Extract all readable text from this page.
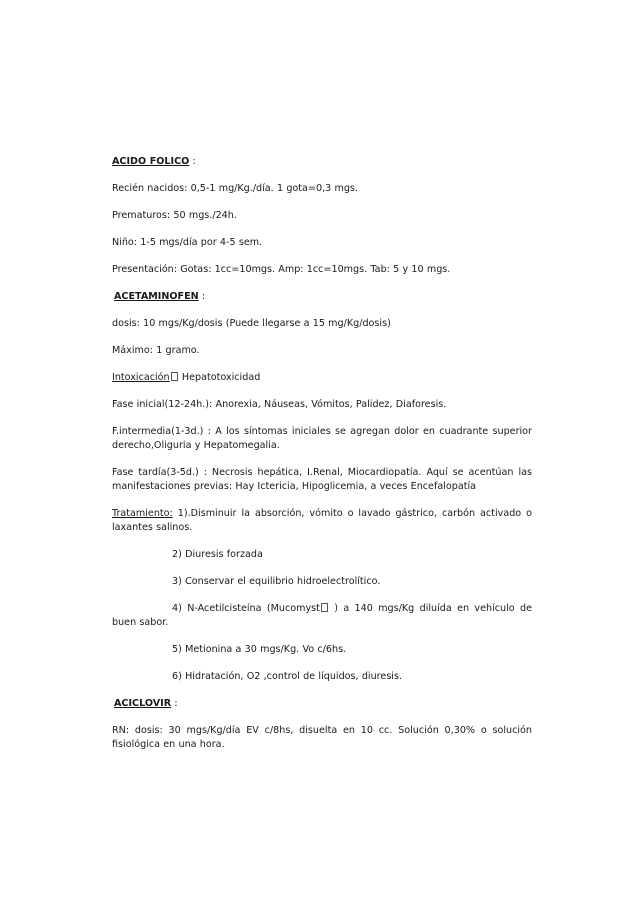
ACIDO FOLICO :

Recién nacidos: 0,5-1 mg/Kg./día. 1 gota=0,3 mgs.

Prematuros: 50 mgs./24h.

Niño: 1-5 mgs/día por 4-5 sem.

Presentación: Gotas: 1cc=10mgs. Amp: 1cc=10mgs. Tab: 5 y 10 mgs.

ACETAMINOFEN :

dosis: 10 mgs/Kg/dosis (Puede llegarse a 15 mg/Kg/dosis)

Máximo: 1 gramo.

Intoxicación Hepatotoxicidad

Fase inicial(12-24h.): Anorexia, Náuseas, Vómitos, Palidez, Diaforesis.

F.intermedia(1-3d.) : A los síntomas iniciales se agregan dolor en cuadrante superior derecho,Oliguria y Hepatomegalia.

Fase tardía(3-5d.) : Necrosis hepática, I.Renal, Miocardiopatía. Aquí se acentúan las manifestaciones previas: Hay Ictericia, Hipoglicemia, a veces Encefalopatía

Tratamiento: 1).Disminuir la absorción, vómito o lavado gástrico, carbón activado o laxantes salinos.

2) Diuresis forzada

3) Conservar el equilibrio hidroelectrolítico.

4) N-Acetilcisteína (Mucomyst ) a 140 mgs/Kg diluída en vehículo de buen sabor.

5) Metionina a 30 mgs/Kg. Vo c/6hs.

6) Hidratación, O2 ,control de líquidos, diuresis.

ACICLOVIR :

RN: dosis: 30 mgs/Kg/día EV c/8hs, disuelta en 10 cc. Solución 0,30% o solución fisiológica en una hora.
